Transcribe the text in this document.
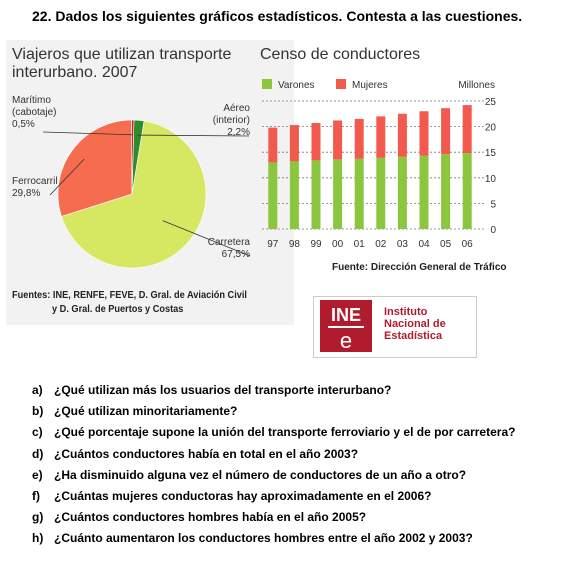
22. Dados los siguientes gráficos estadísticos. Contesta a las cuestiones.
Viajeros que utilizan transporte interurbano. 2007
Marítimo
(cabotaje)
0,5%
Aéreo
(interior)
2,2%
Ferrocarril
29,8%
Carretera
67,5%
Fuentes: INE, RENFE, FEVE, D. Gral. de Aviación Civil
y D. Gral. de Puertos y Costas
Censo de conductores
Varones	Mujeres	Millones
0
5
10
15
20
25
97 98 99 00 01 02 03 04 05 06
Fuente: Dirección General de Tráfico
INE
e
Instituto
Nacional de
Estadística
a) ¿Qué utilizan más los usuarios del transporte interurbano?
b) ¿Qué utilizan minoritariamente?
c) ¿Qué porcentaje supone la unión del transporte ferroviario y el de por carretera?
d) ¿Cuántos conductores había en total en el año 2003?
e) ¿Ha disminuido alguna vez el número de conductores de un año a otro?
f)	¿Cuántas mujeres conductoras hay aproximadamente en el 2006?
g) ¿Cuántos conductores hombres había en el año 2005?
h) ¿Cuánto aumentaron los conductores hombres entre el año 2002 y 2003?
